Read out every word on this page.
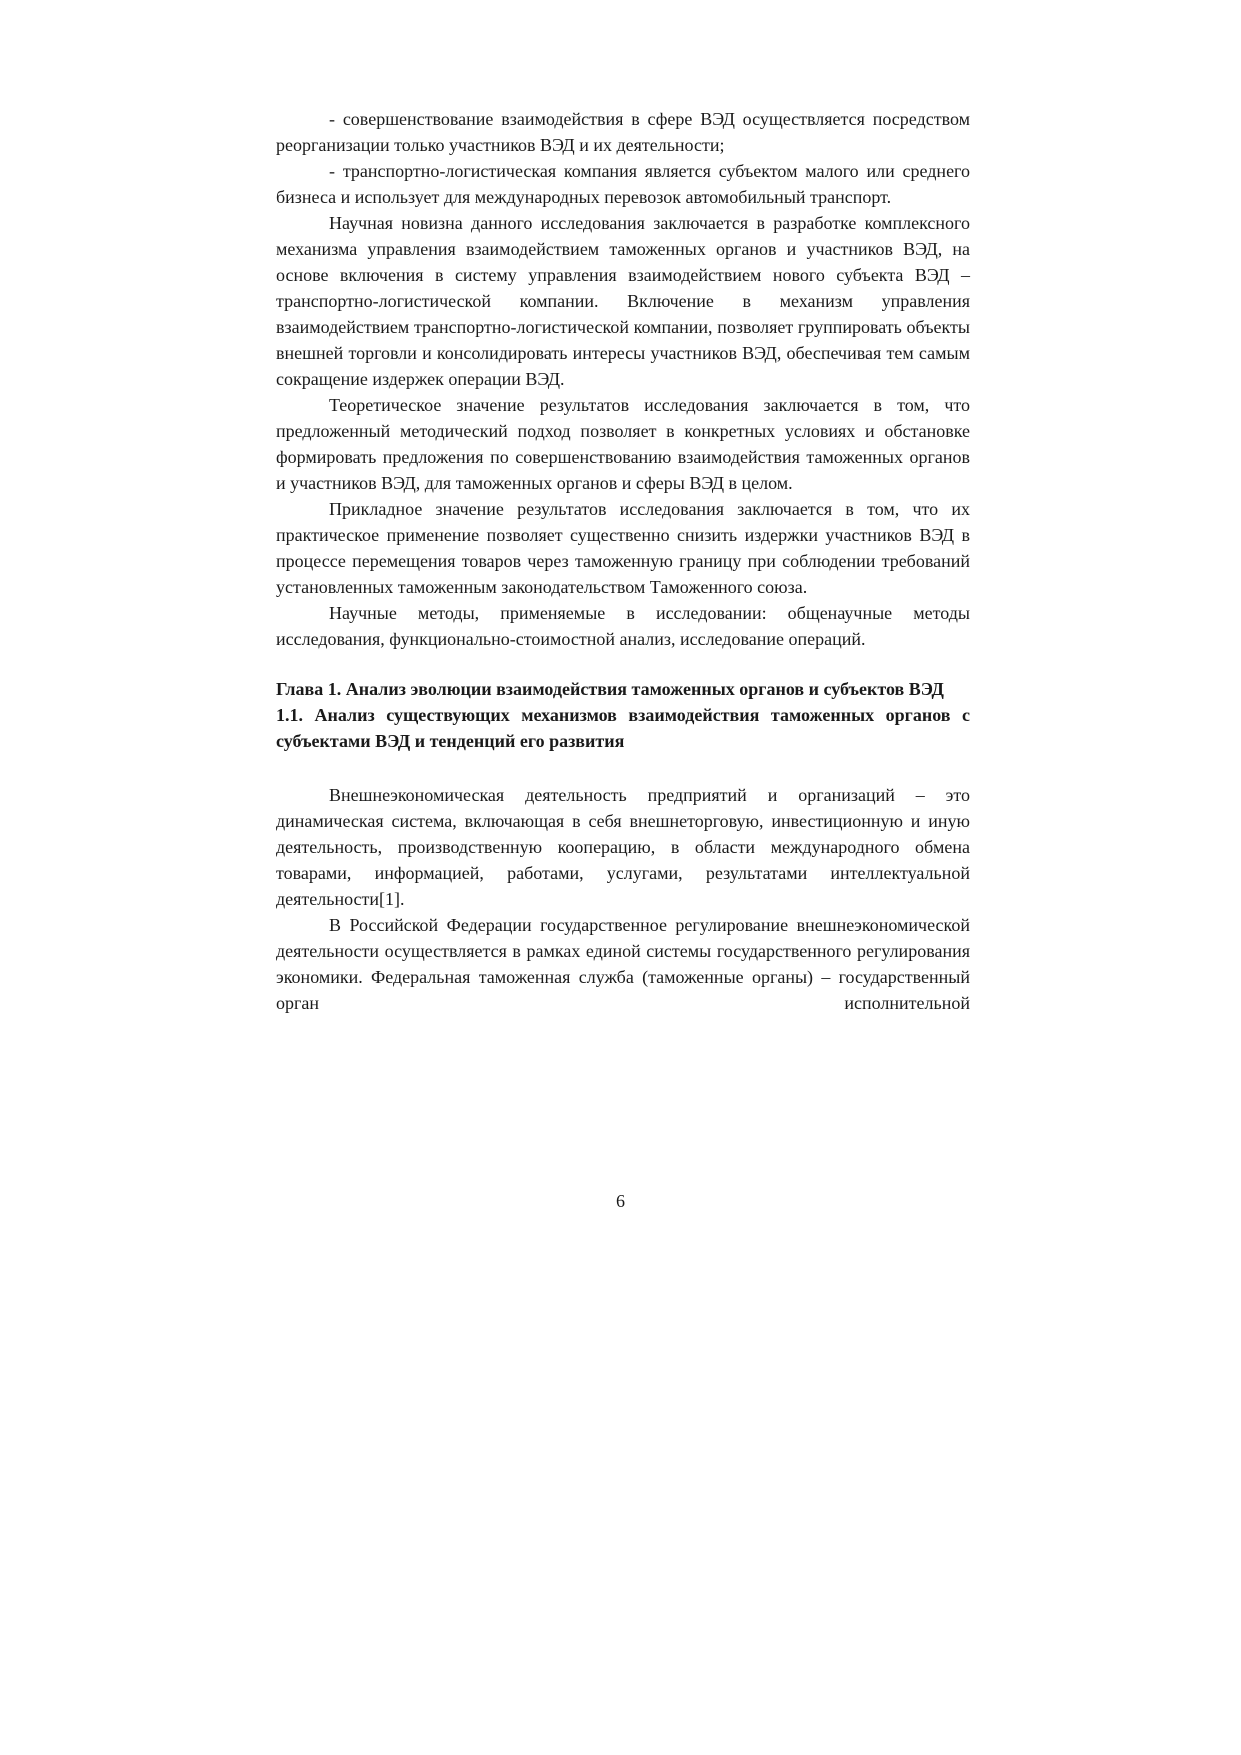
- совершенствование взаимодействия в сфере ВЭД осуществляется посредством реорганизации только участников ВЭД и их деятельности;

- транспортно-логистическая компания является субъектом малого или среднего бизнеса и использует для международных перевозок автомобильный транспорт.

Научная новизна данного исследования заключается в разработке комплексного механизма управления взаимодействием таможенных органов и участников ВЭД, на основе включения в систему управления взаимодействием нового субъекта ВЭД – транспортно-логистической компании. Включение в механизм управления взаимодействием транспортно-логистической компании, позволяет группировать объекты внешней торговли и консолидировать интересы участников ВЭД, обеспечивая тем самым сокращение издержек операции ВЭД.

Теоретическое значение результатов исследования заключается в том, что предложенный методический подход позволяет в конкретных условиях и обстановке формировать предложения по совершенствованию взаимодействия таможенных органов и участников ВЭД, для таможенных органов и сферы ВЭД в целом.

Прикладное значение результатов исследования заключается в том, что их практическое применение позволяет существенно снизить издержки участников ВЭД в процессе перемещения товаров через таможенную границу при соблюдении требований установленных таможенным законодательством Таможенного союза.

Научные методы, применяемые в исследовании: общенаучные методы исследования, функционально-стоимостной анализ, исследование операций.

Глава 1. Анализ эволюции взаимодействия таможенных органов и субъектов ВЭД

1.1. Анализ существующих механизмов взаимодействия таможенных органов с субъектами ВЭД и тенденций его развития

Внешнеэкономическая деятельность предприятий и организаций – это динамическая система, включающая в себя внешнеторговую, инвестиционную и иную деятельность, производственную кооперацию, в области международного обмена товарами, информацией, работами, услугами, результатами интеллектуальной деятельности[1].

В Российской Федерации государственное регулирование внешнеэкономической деятельности осуществляется в рамках единой системы государственного регулирования экономики. Федеральная таможенная служба (таможенные органы) – государственный орган исполнительной

6
